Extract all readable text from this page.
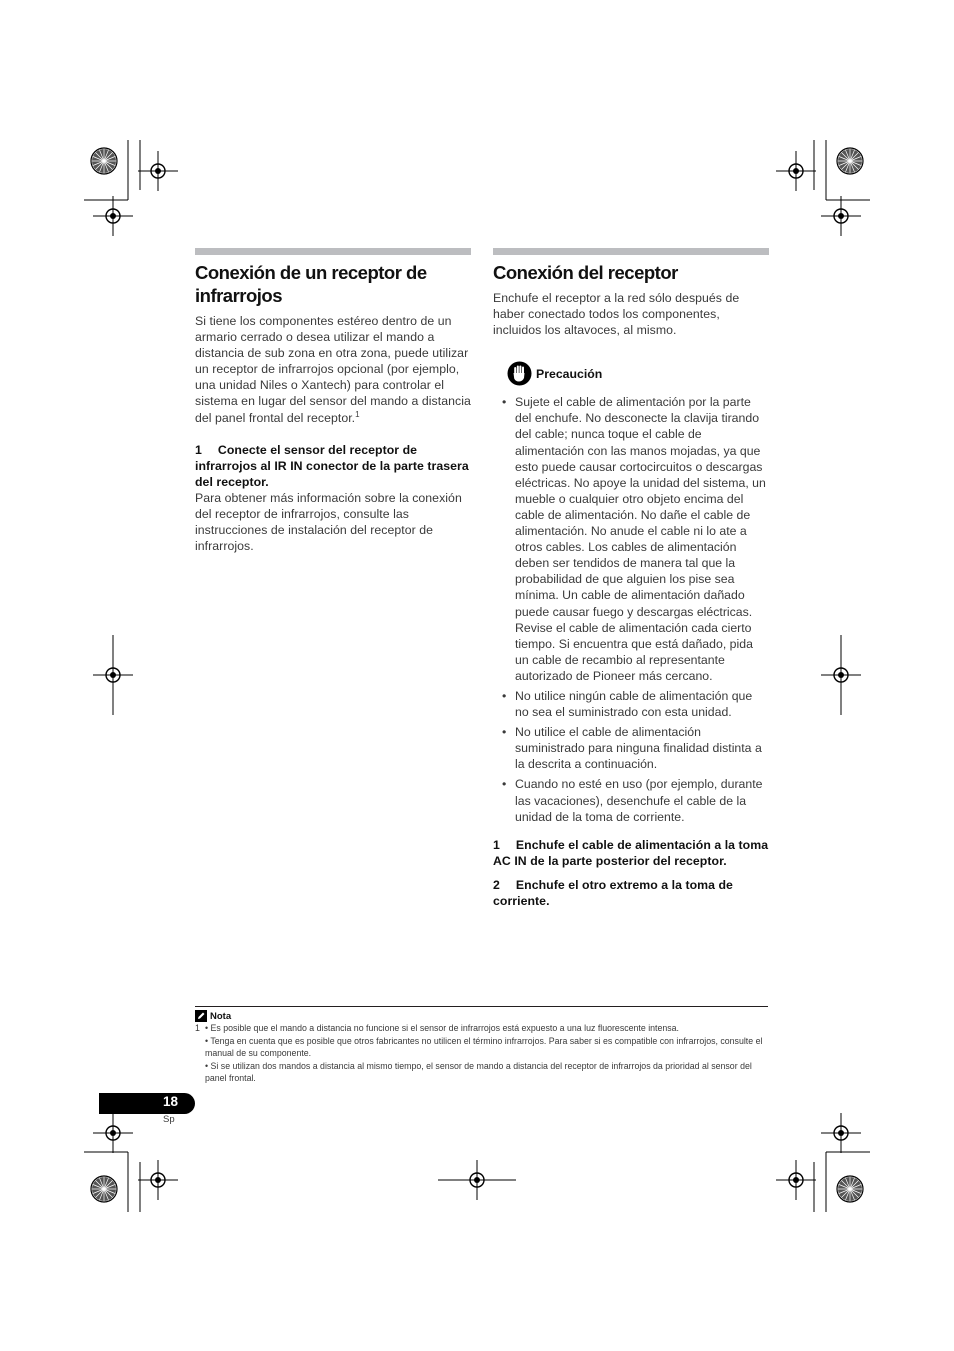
Conexión de un receptor de infrarrojos

Si tiene los componentes estéreo dentro de un armario cerrado o desea utilizar el mando a distancia de sub zona en otra zona, puede utilizar un receptor de infrarrojos opcional (por ejemplo, una unidad Niles o Xantech) para controlar el sistema en lugar del sensor del mando a distancia del panel frontal del receptor.$^1$

1 Conecte el sensor del receptor de infrarrojos al IR IN conector de la parte trasera del receptor.

Para obtener más información sobre la conexión del receptor de infrarrojos, consulte las instrucciones de instalación del receptor de infrarrojos.

Conexión del receptor

Enchufe el receptor a la red sólo después de haber conectado todos los componentes, incluidos los altavoces, al mismo.

Precaución
• Sujete el cable de alimentación por la parte del enchufe. No desconecte la clavija tirando del cable; nunca toque el cable de alimentación con las manos mojadas, ya que esto puede causar cortocircuitos o descargas eléctricas. No apoye la unidad del sistema, un mueble o cualquier otro objeto encima del cable de alimentación. No dañe el cable de alimentación. No anude el cable ni lo ate a otros cables. Los cables de alimentación deben ser tendidos de manera tal que la probabilidad de que alguien los pise sea mínima. Un cable de alimentación dañado puede causar fuego y descargas eléctricas. Revise el cable de alimentación cada cierto tiempo. Si encuentra que está dañado, pida un cable de recambio al representante autorizado de Pioneer más cercano.
• No utilice ningún cable de alimentación que no sea el suministrado con esta unidad.
• No utilice el cable de alimentación suministrado para ninguna finalidad distinta a la descrita a continuación.
• Cuando no esté en uso (por ejemplo, durante las vacaciones), desenchufe el cable de la unidad de la toma de corriente.

1 Enchufe el cable de alimentación a la toma AC IN de la parte posterior del receptor.

2 Enchufe el otro extremo a la toma de corriente.

Nota
1 • Es posible que el mando a distancia no funcione si el sensor de infrarrojos está expuesto a una luz fluorescente intensa.
• Tenga en cuenta que es posible que otros fabricantes no utilicen el término infrarrojos. Para saber si es compatible con infrarrojos, consulte el manual de su componente.
• Si se utilizan dos mandos a distancia al mismo tiempo, el sensor de mando a distancia del receptor de infrarrojos da prioridad al sensor del panel frontal.
18
Sp
